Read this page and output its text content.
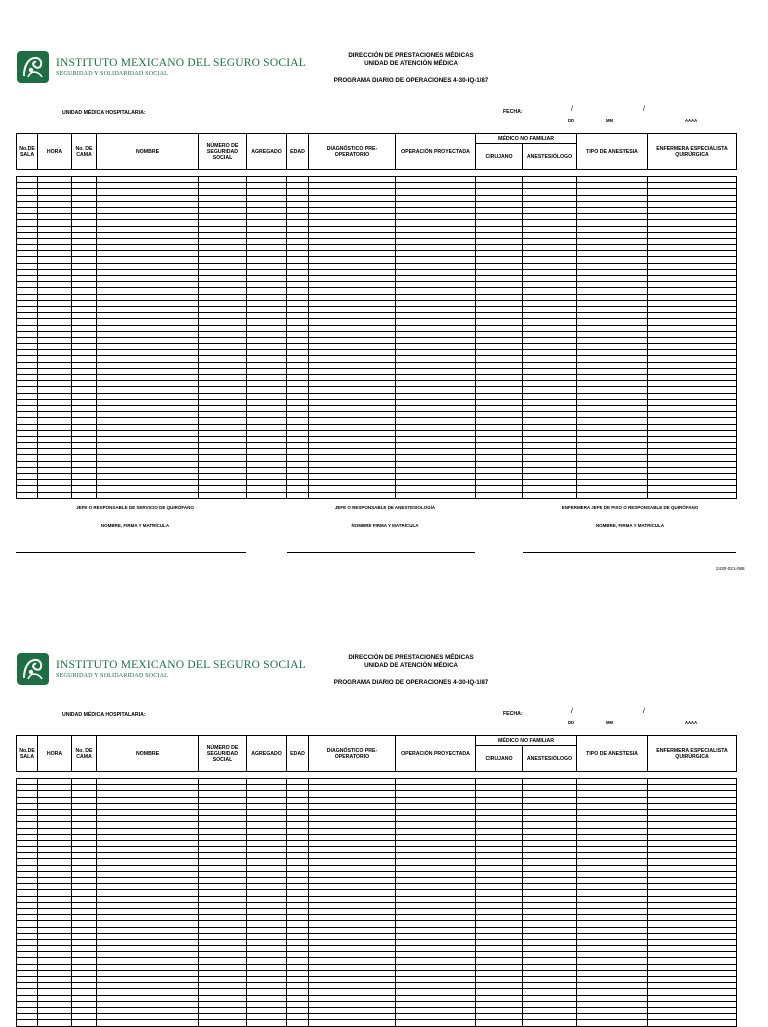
INSTITUTO MEXICANO DEL SEGURO SOCIAL
SEGURIDAD Y SOLIDARIDAD SOCIAL
DIRECCIÓN DE PRESTACIONES MÉDICAS
UNIDAD DE ATENCIÓN MÉDICA
PROGRAMA DIARIO DE OPERACIONES 4-30-IQ-1/87
UNIDAD MÉDICA HOSPITALARIA:	FECHA:	/	/
DD	MM	AAAA
No.DE SALA	HORA	No. DE CAMA	NOMBRE	NÚMERO DE SEGURIDAD SOCIAL	AGREGADO	EDAD	DIAGNÓSTICO PRE-OPERATORIO	OPERACIÓN PROYECTADA	MÉDICO NO FAMILIAR		TIPO DE ANESTESIA	ENFERMERA ESPECIALISTA QUIRÚRGICA
									CIRUJANO	ANESTESIÓLOGO		

JEFE O RESPONSABLE DE SERVICIO DE QUIRÓFANO
NOMBRE, FIRMA Y MATRÍCULA
JEFE O RESPONSABLE DE ANESTESIOLOGÍA
NOMBRE FIRMA Y MATRÍCULA
ENFERMERA JEFE DE PISO O RESPONSABLE DE QUIRÓFANO
NOMBRE, FIRMA Y MATRÍCULA
2430-021-068
INSTITUTO MEXICANO DEL SEGURO SOCIAL
SEGURIDAD Y SOLIDARIDAD SOCIAL
DIRECCIÓN DE PRESTACIONES MÉDICAS
UNIDAD DE ATENCIÓN MÉDICA
PROGRAMA DIARIO DE OPERACIONES 4-30-IQ-1/87
UNIDAD MÉDICA HOSPITALARIA:	FECHA:	/	/
DD	MM	AAAA
No.DE SALA	HORA	No. DE CAMA	NOMBRE	NÚMERO DE SEGURIDAD SOCIAL	AGREGADO	EDAD	DIAGNÓSTICO PRE-OPERATORIO	OPERACIÓN PROYECTADA	MÉDICO NO FAMILIAR		TIPO DE ANESTESIA	ENFERMERA ESPECIALISTA QUIRÚRGICA
									CIRUJANO	ANESTESIÓLOGO		
